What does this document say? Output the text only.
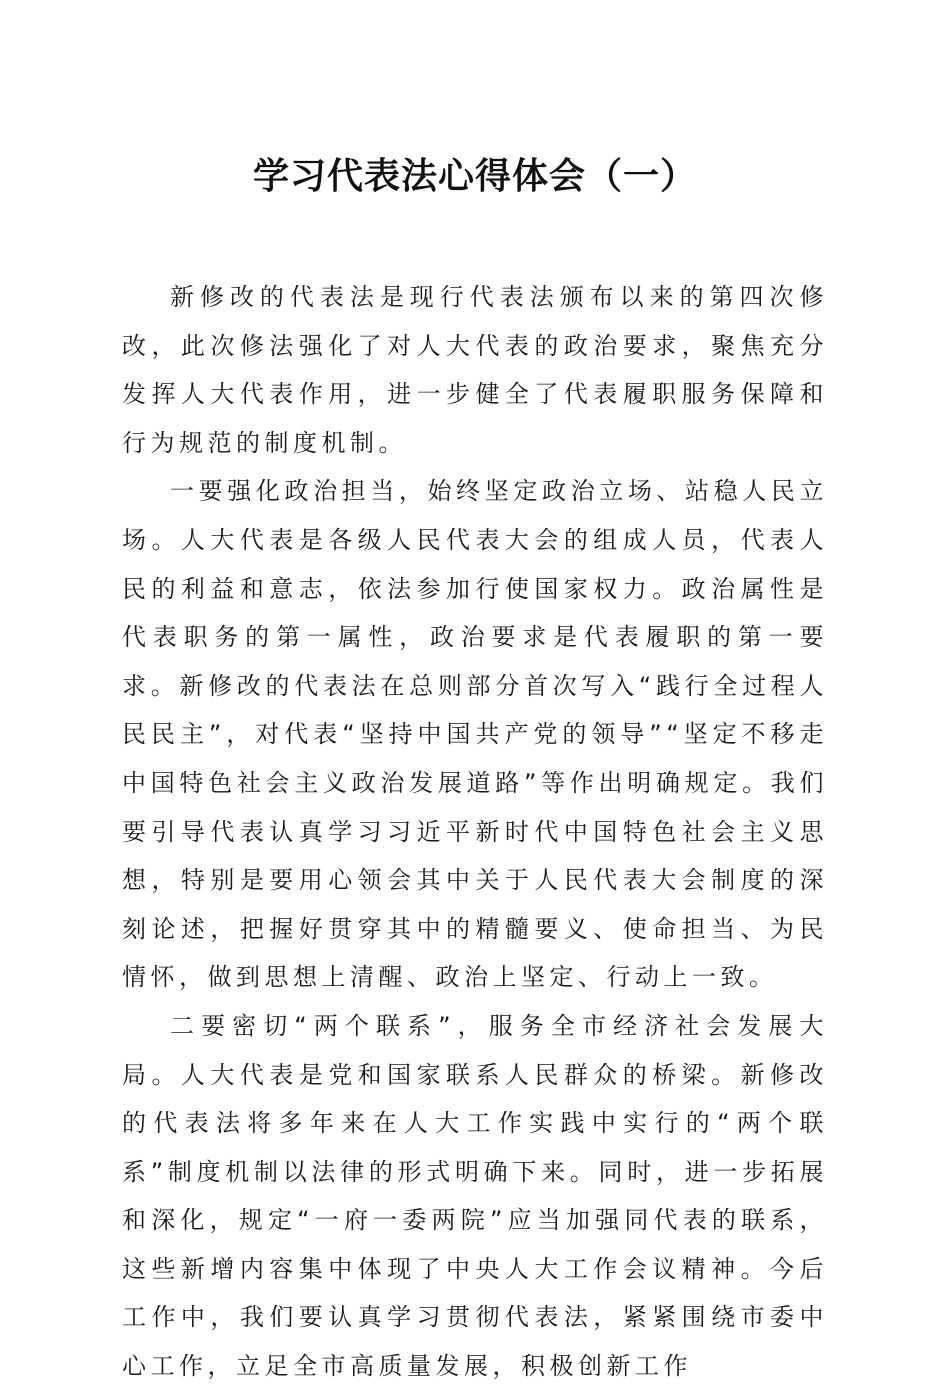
学习代表法心得体会（一）

新修改的代表法是现行代表法颁布以来的第四次修改，此次修法强化了对人大代表的政治要求，聚焦充分发挥人大代表作用，进一步健全了代表履职服务保障和行为规范的制度机制。

一要强化政治担当，始终坚定政治立场、站稳人民立场。人大代表是各级人民代表大会的组成人员，代表人民的利益和意志，依法参加行使国家权力。政治属性是代表职务的第一属性，政治要求是代表履职的第一要求。新修改的代表法在总则部分首次写入“践行全过程人民民主”，对代表“坚持中国共产党的领导”“坚定不移走中国特色社会主义政治发展道路”等作出明确规定。我们要引导代表认真学习习近平新时代中国特色社会主义思想，特别是要用心领会其中关于人民代表大会制度的深刻论述，把握好贯穿其中的精髓要义、使命担当、为民情怀，做到思想上清醒、政治上坚定、行动上一致。

二要密切“两个联系”，服务全市经济社会发展大局。人大代表是党和国家联系人民群众的桥梁。新修改的代表法将多年来在人大工作实践中实行的“两个联系”制度机制以法律的形式明确下来。同时，进一步拓展和深化，规定“一府一委两院”应当加强同代表的联系，这些新增内容集中体现了中央人大工作会议精神。今后工作中，我们要认真学习贯彻代表法，紧紧围绕市委中心工作，立足全市高质量发展，积极创新工作
